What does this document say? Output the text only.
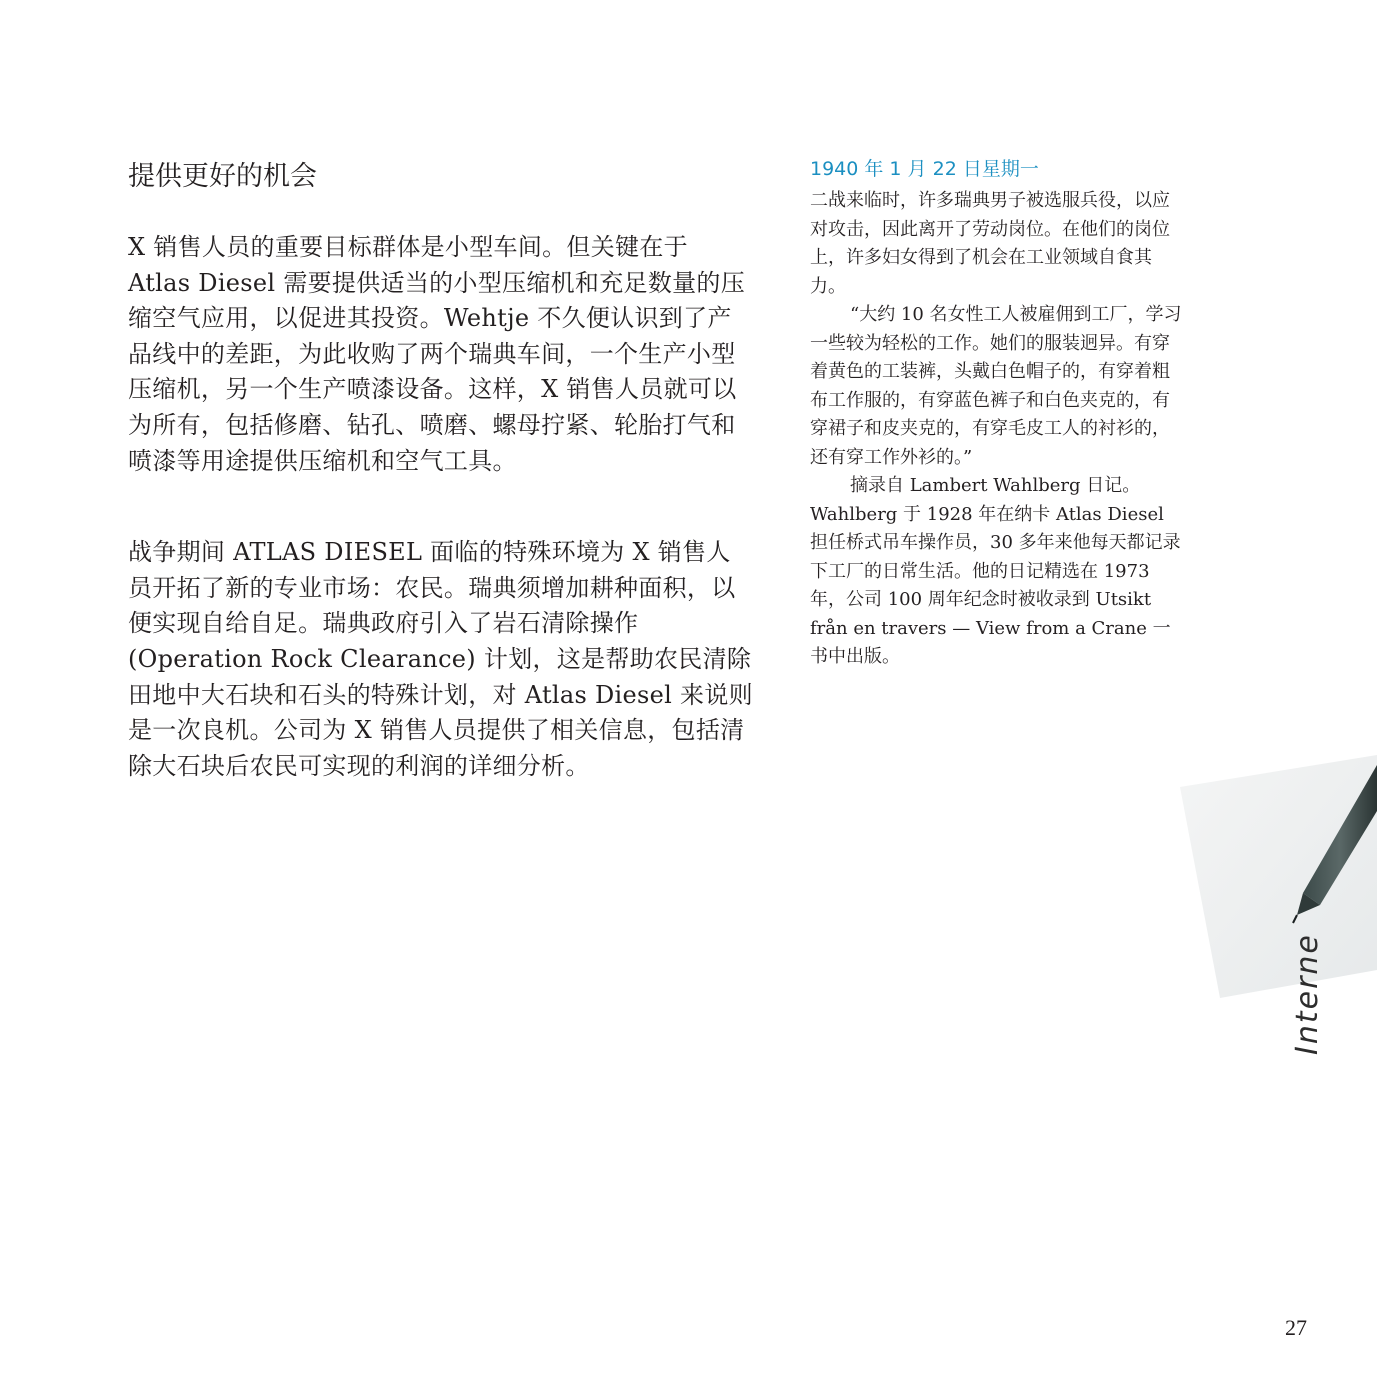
提供更好的机会

X 销售人员的重要目标群体是小型车间。但关键在于 Atlas Diesel 需要提供适当的小型压缩机和充足数量的压缩空气应用，以促进其投资。Wehtje 不久便认识到了产品线中的差距，为此收购了两个瑞典车间，一个生产小型压缩机，另一个生产喷漆设备。这样，X 销售人员就可以为所有，包括修磨、钻孔、喷磨、螺母拧紧、轮胎打气和喷漆等用途提供压缩机和空气工具。

战争期间 ATLAS DIESEL 面临的特殊环境为 X 销售人员开拓了新的专业市场：农民。瑞典须增加耕种面积，以便实现自给自足。瑞典政府引入了岩石清除操作 (Operation Rock Clearance) 计划，这是帮助农民清除田地中大石块和石头的特殊计划，对 Atlas Diesel 来说则是一次良机。公司为 X 销售人员提供了相关信息，包括清除大石块后农民可实现的利润的详细分析。

1940 年 1 月 22 日星期一

二战来临时，许多瑞典男子被选服兵役，以应对攻击，因此离开了劳动岗位。在他们的岗位上，许多妇女得到了机会在工业领域自食其力。

“大约 10 名女性工人被雇佣到工厂，学习一些较为轻松的工作。她们的服装迥异。有穿着黄色的工装裤，头戴白色帽子的，有穿着粗布工作服的，有穿蓝色裤子和白色夹克的，有穿裙子和皮夹克的，有穿毛皮工人的衬衫的，还有穿工作外衫的。”

摘录自 Lambert Wahlberg 日记。Wahlberg 于 1928 年在纳卡 Atlas Diesel 担任桥式吊车操作员，30 多年来他每天都记录下工厂的日常生活。他的日记精选在 1973 年，公司 100 周年纪念时被收录到 Utsikt från en travers — View from a Crane 一书中出版。

Interne
27
